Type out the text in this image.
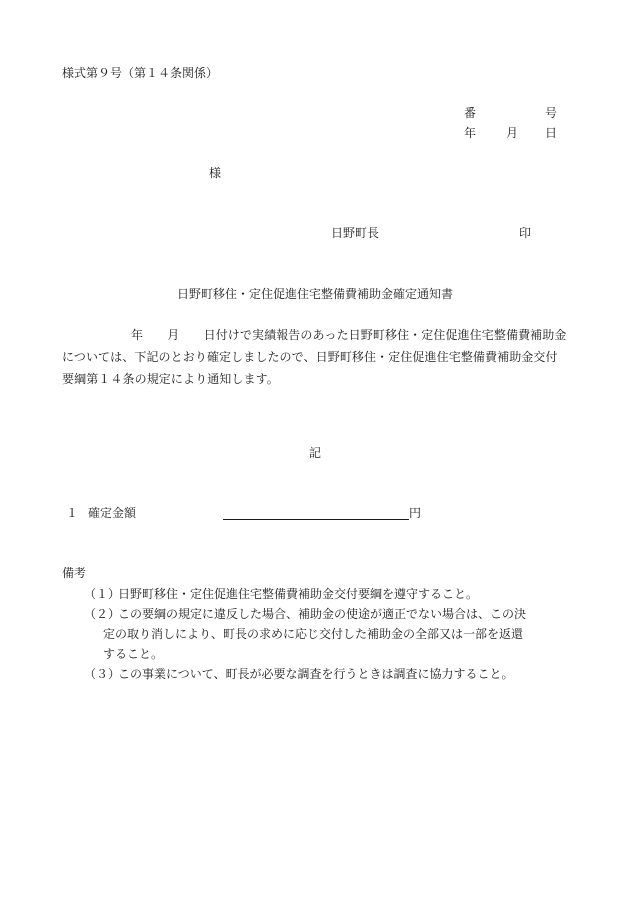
様式第９号（第１４条関係）
番	号
年 月 日
様
日野町長	印
日野町移住・定住促進住宅整備費補助金確定通知書
年　　月　　日付けで実績報告のあった日野町移住・定住促進住宅整備費補助金については、下記のとおり確定しましたので、日野町移住・定住促進住宅整備費補助金交付要綱第１４条の規定により通知します。
記
１ 確定金額	円
備考
（１）
日野町移住・定住促進住宅整備費補助金交付要綱を遵守すること。
（２）
この要綱の規定に違反した場合、補助金の使途が適正でない場合は、この決
定の取り消しにより、町長の求めに応じ交付した補助金の全部又は一部を返還
すること。
（３）
この事業について、町長が必要な調査を行うときは調査に協力すること。
